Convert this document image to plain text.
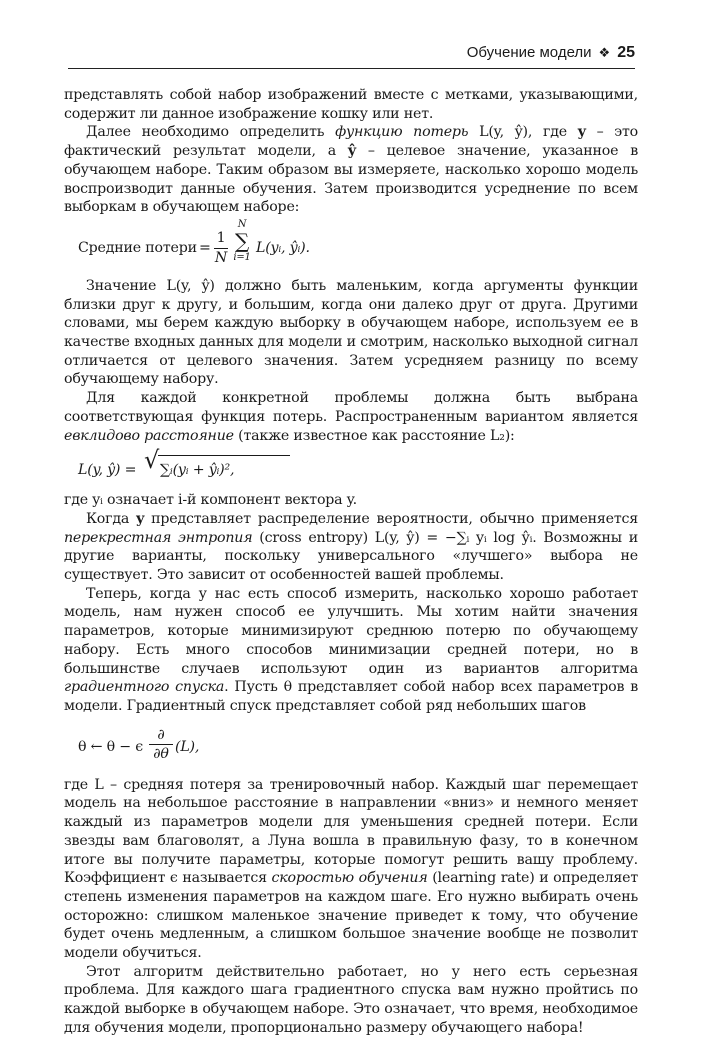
Обучение модели ❖ 25

представлять собой набор изображений вместе с метками, указывающими, содержит ли данное изображение кошку или нет.

Далее необходимо определить функцию потерь L(y, ŷ), где y – это фактический результат модели, а ŷ – целевое значение, указанное в обучающем наборе. Таким образом вы измеряете, насколько хорошо модель воспроизводит данные обучения. Затем производится усреднение по всем выборкам в обучающем наборе:

Средние потери = $\frac{1}{N}$
N
∑
i=1
L(yᵢ, ŷᵢ).

Значение L(y, ŷ) должно быть маленьким, когда аргументы функции близки друг к другу, и большим, когда они далеко друг от друга. Другими словами, мы берем каждую выборку в обучающем наборе, используем ее в качестве входных данных для модели и смотрим, насколько выходной сигнал отличается от целевого значения. Затем усредняем разницу по всему обучающему набору.

Для каждой конкретной проблемы должна быть выбрана соответствующая функция потерь. Распространенным вариантом является евклидово расстояние (также известное как расстояние L₂):

L(y, ŷ) = √ ∑ᵢ(yᵢ + ŷᵢ)²,

где yᵢ означает i-й компонент вектора y.

Когда y представляет распределение вероятности, обычно применяется перекрестная энтропия (cross entropy) L(y, ŷ) = −∑ᵢ yᵢ log ŷᵢ. Возможны и другие варианты, поскольку универсального «лучшего» выбора не существует. Это зависит от особенностей вашей проблемы.

Теперь, когда у нас есть способ измерить, насколько хорошо работает модель, нам нужен способ ее улучшить. Мы хотим найти значения параметров, которые минимизируют среднюю потерю по обучающему набору. Есть много способов минимизации средней потери, но в большинстве случаев используют один из вариантов алгоритма градиентного спуска. Пусть θ представляет собой набор всех параметров в модели. Градиентный спуск представляет собой ряд небольших шагов

θ ← θ − ϵ
∂
∂θ (L),

где L – средняя потеря за тренировочный набор. Каждый шаг перемещает модель на небольшое расстояние в направлении «вниз» и немного меняет каждый из параметров модели для уменьшения средней потери. Если звезды вам благоволят, а Луна вошла в правильную фазу, то в конечном итоге вы получите параметры, которые помогут решить вашу проблему. Коэффициент ϵ называется скоростью обучения (learning rate) и определяет степень изменения параметров на каждом шаге. Его нужно выбирать очень осторожно: слишком маленькое значение приведет к тому, что обучение будет очень медленным, а слишком большое значение вообще не позволит модели обучиться.

Этот алгоритм действительно работает, но у него есть серьезная проблема. Для каждого шага градиентного спуска вам нужно пройтись по каждой выборке в обучающем наборе. Это означает, что время, необходимое для обучения модели, пропорционально размеру обучающего набора!
